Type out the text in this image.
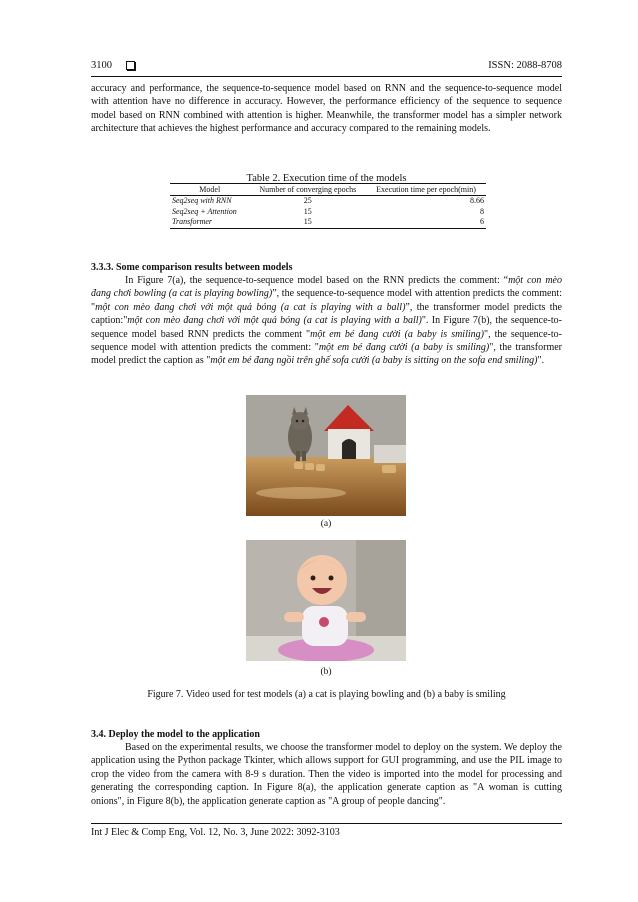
3100	ISSN: 2088-8708
accuracy and performance, the sequence-to-sequence model based on RNN and the sequence-to-sequence model with attention have no difference in accuracy. However, the performance efficiency of the sequence to sequence model based on RNN combined with attention is higher. Meanwhile, the transformer model has a simpler network architecture that achieves the highest performance and accuracy compared to the remaining models.
Table 2. Execution time of the models
Model	Number of converging epochs	Execution time per epoch(min)
Seq2seq with RNN	25	8.66
Seq2seq + Attention	15	8
Transformer	15	6
3.3.3. Some comparison results between models
In Figure 7(a), the sequence-to-sequence model based on the RNN predicts the comment: “một con mèo đang chơi bowling (a cat is playing bowling)”, the sequence-to-sequence model with attention predicts the comment: "một con mèo đang chơi với một quả bóng (a cat is playing with a ball)”, the transformer model predicts the caption:"một con mèo đang chơi với một quả bóng (a cat is playing with a ball)". In Figure 7(b), the sequence-to-sequence model based RNN predicts the comment "một em bé đang cười (a baby is smiling)", the sequence-to-sequence model with attention predicts the comment: "một em bé đang cười (a baby is smiling)", the transformer model predict the caption as "một em bé đang ngồi trên ghế sofa cười (a baby is sitting on the sofa end smiling)".
(a)
(b)
Figure 7. Video used for test models (a) a cat is playing bowling and (b) a baby is smiling
3.4. Deploy the model to the application
Based on the experimental results, we choose the transformer model to deploy on the system. We deploy the application using the Python package Tkinter, which allows support for GUI programming, and use the PIL image to crop the video from the camera with 8-9 s duration. Then the video is imported into the model for processing and generating the corresponding caption. In Figure 8(a), the application generate caption as "A woman is cutting onions", in Figure 8(b), the application generate caption as "A group of people dancing".
Int J Elec & Comp Eng, Vol. 12, No. 3, June 2022: 3092-3103
